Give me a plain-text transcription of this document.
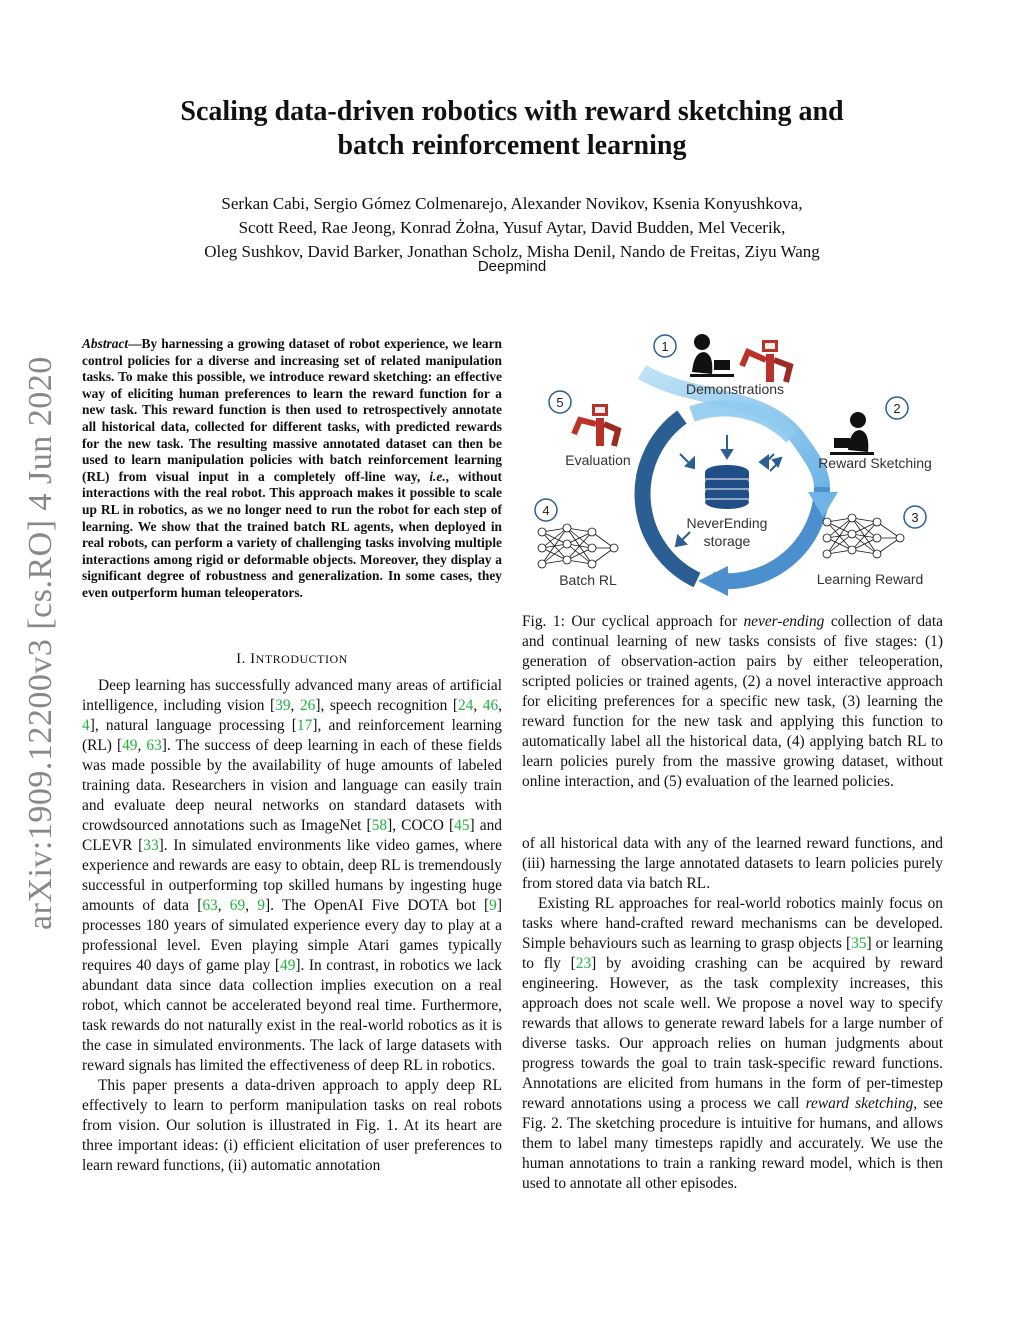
Scaling data-driven robotics with reward sketching and
batch reinforcement learning
Serkan Cabi, Sergio Gómez Colmenarejo, Alexander Novikov, Ksenia Konyushkova,
Scott Reed, Rae Jeong, Konrad Żołna, Yusuf Aytar, David Budden, Mel Vecerik,
Oleg Sushkov, David Barker, Jonathan Scholz, Misha Denil, Nando de Freitas, Ziyu Wang
Deepmind
arXiv:1909.12200v3 [cs.RO] 4 Jun 2020
Abstract—By harnessing a growing dataset of robot experience, we learn control policies for a diverse and increasing set of related manipulation tasks. To make this possible, we introduce reward sketching: an effective way of eliciting human preferences to learn the reward function for a new task. This reward function is then used to retrospectively annotate all historical data, collected for different tasks, with predicted rewards for the new task. The resulting massive annotated dataset can then be used to learn manipulation policies with batch reinforcement learning (RL) from visual input in a completely off-line way, i.e., without interactions with the real robot. This approach makes it possible to scale up RL in robotics, as we no longer need to run the robot for each step of learning. We show that the trained batch RL agents, when deployed in real robots, can perform a variety of challenging tasks involving multiple interactions among rigid or deformable objects. Moreover, they display a significant degree of robustness and generalization. In some cases, they even outperform human teleoperators.
I. INTRODUCTION

Deep learning has successfully advanced many areas of artificial intelligence, including vision [39, 26], speech recognition [24, 46, 4], natural language processing [17], and reinforcement learning (RL) [49, 63]. The success of deep learning in each of these fields was made possible by the availability of huge amounts of labeled training data. Researchers in vision and language can easily train and evaluate deep neural networks on standard datasets with crowdsourced annotations such as ImageNet [58], COCO [45] and CLEVR [33]. In simulated environments like video games, where experience and rewards are easy to obtain, deep RL is tremendously successful in outperforming top skilled humans by ingesting huge amounts of data [63, 69, 9]. The OpenAI Five DOTA bot [9] processes 180 years of simulated experience every day to play at a professional level. Even playing simple Atari games typically requires 40 days of game play [49]. In contrast, in robotics we lack abundant data since data collection implies execution on a real robot, which cannot be accelerated beyond real time. Furthermore, task rewards do not naturally exist in the real-world robotics as it is the case in simulated environments. The lack of large datasets with reward signals has limited the effectiveness of deep RL in robotics.

This paper presents a data-driven approach to apply deep RL effectively to learn to perform manipulation tasks on real robots from vision. Our solution is illustrated in Fig. 1. At its heart are three important ideas: (i) efficient elicitation of user preferences to learn reward functions, (ii) automatic annotation

NeverEnding
storage
1
Demonstrations
2
Reward Sketching
3
Learning Reward
4
Batch RL
5
Evaluation
Fig. 1: Our cyclical approach for never-ending collection of data and continual learning of new tasks consists of five stages: (1) generation of observation-action pairs by either teleoperation, scripted policies or trained agents, (2) a novel interactive approach for eliciting preferences for a specific new task, (3) learning the reward function for the new task and applying this function to automatically label all the historical data, (4) applying batch RL to learn policies purely from the massive growing dataset, without online interaction, and (5) evaluation of the learned policies.

of all historical data with any of the learned reward functions, and (iii) harnessing the large annotated datasets to learn policies purely from stored data via batch RL.

Existing RL approaches for real-world robotics mainly focus on tasks where hand-crafted reward mechanisms can be developed. Simple behaviours such as learning to grasp objects [35] or learning to fly [23] by avoiding crashing can be acquired by reward engineering. However, as the task complexity increases, this approach does not scale well. We propose a novel way to specify rewards that allows to generate reward labels for a large number of diverse tasks. Our approach relies on human judgments about progress towards the goal to train task-specific reward functions. Annotations are elicited from humans in the form of per-timestep reward annotations using a process we call reward sketching, see Fig. 2. The sketching procedure is intuitive for humans, and allows them to label many timesteps rapidly and accurately. We use the human annotations to train a ranking reward model, which is then used to annotate all other episodes.
